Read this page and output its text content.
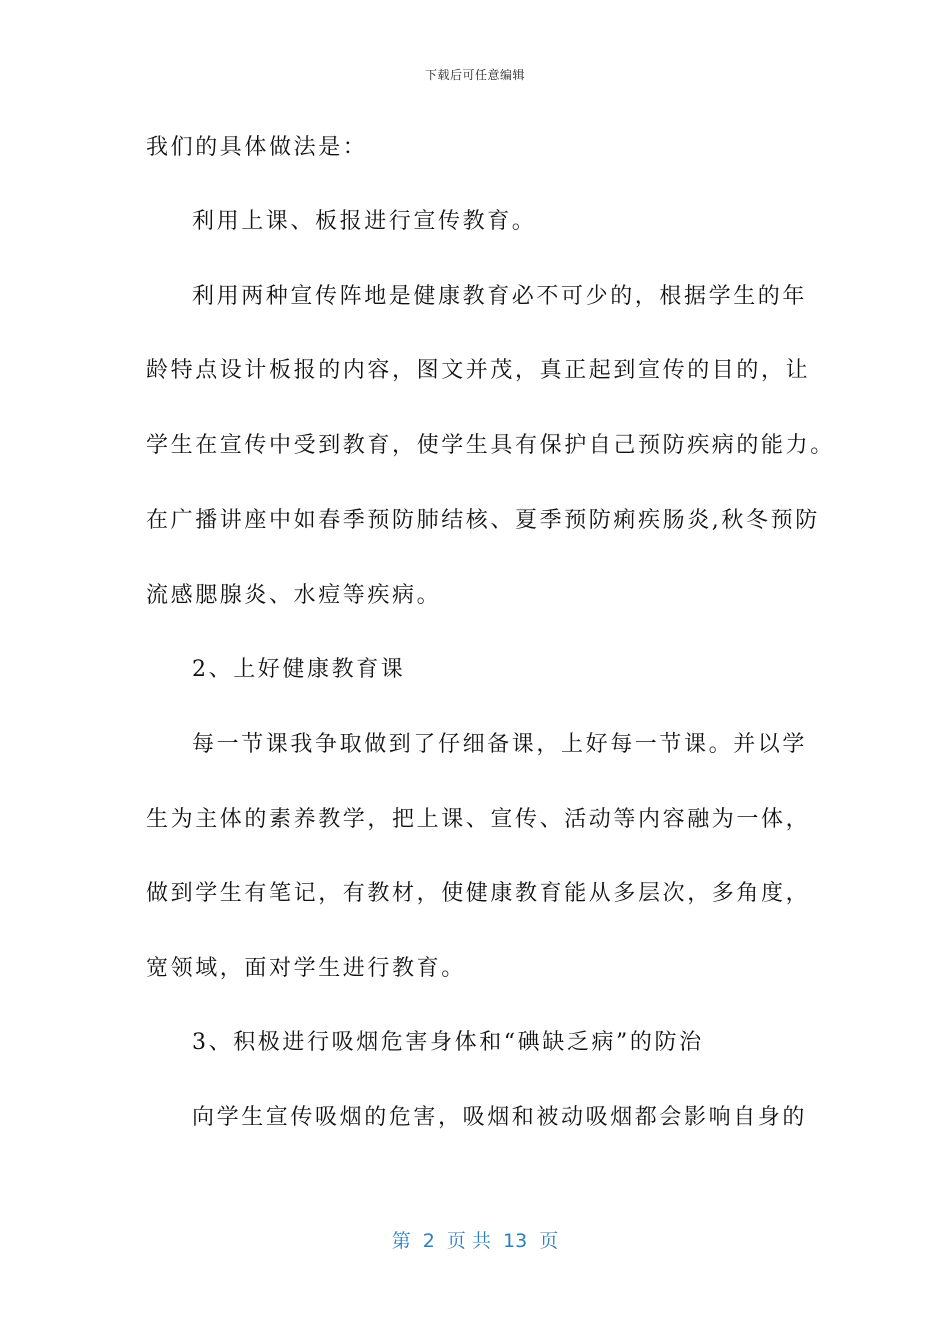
下载后可任意编辑
我们的具体做法是：
利用上课、板报进行宣传教育。
利用两种宣传阵地是健康教育必不可少的，根据学生的年
龄特点设计板报的内容，图文并茂，真正起到宣传的目的，让
学生在宣传中受到教育，使学生具有保护自己预防疾病的能力。
在广播讲座中如春季预防肺结核、夏季预防痢疾肠炎,秋冬预防
流感腮腺炎、水痘等疾病。
2、上好健康教育课
每一节课我争取做到了仔细备课，上好每一节课。并以学
生为主体的素养教学，把上课、宣传、活动等内容融为一体，
做到学生有笔记，有教材，使健康教育能从多层次，多角度，
宽领域，面对学生进行教育。
3、积极进行吸烟危害身体和“碘缺乏病”的防治
向学生宣传吸烟的危害，吸烟和被动吸烟都会影响自身的
第  2  页 共  13  页
